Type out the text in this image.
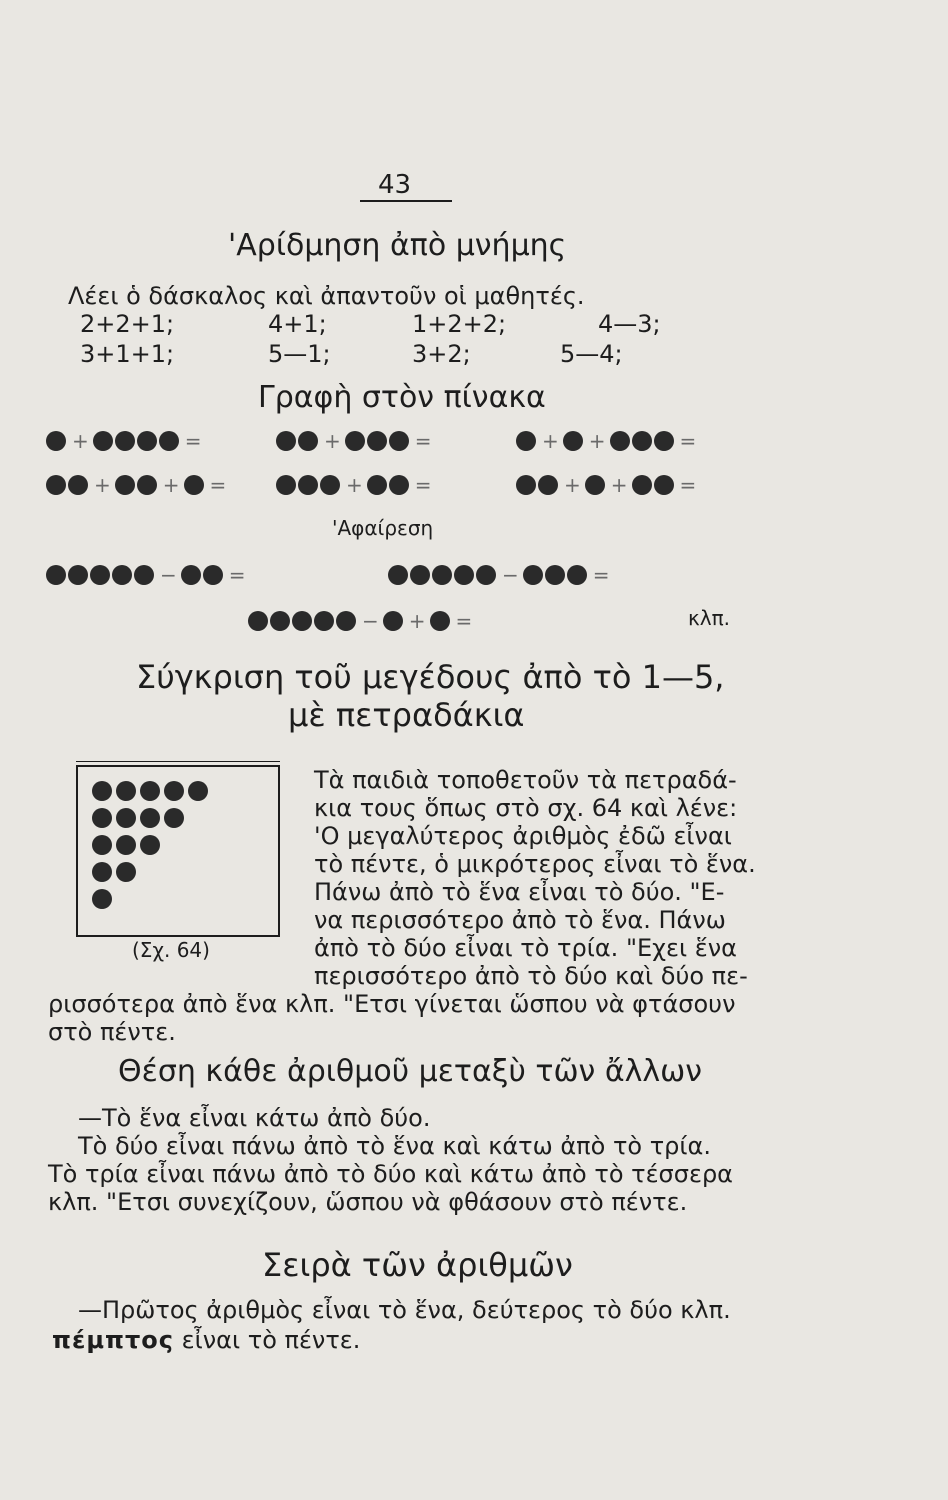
43
'Αρίδμηση ἀπὸ μνήμης
Λέει ὁ δάσκαλος καὶ ἀπαντοῦν οἱ μαθητές.
2+2+1;	4+1;	1+2+2;	4—3;
3+1+1;	5—1;	3+2;	5—4;
Γραφὴ στὸν πίνακα
+	=	+	=	+ +	=
+	+ =	+	=	+ +	=
−	=	−	=
− + =
'Αφαίρεση
κλπ.
Σύγκριση τοῦ μεγέδους ἀπὸ τὸ 1—5,
μὲ πετραδάκια
(Σχ. 64)
Τὰ παιδιὰ τοποθετοῦν τὰ πετραδά-
κια τους ὅπως στὸ σχ. 64 καὶ λένε:
'Ο μεγαλύτερος ἀριθμὸς ἐδῶ εἶναι
τὸ πέντε, ὁ μικρότερος εἶναι τὸ ἕνα.
Πάνω ἀπὸ τὸ ἕνα εἶναι τὸ δύο. "Ε-
να περισσότερο ἀπὸ τὸ ἕνα. Πάνω
ἀπὸ τὸ δύο εἶναι τὸ τρία. "Εχει ἕνα
περισσότερο ἀπὸ τὸ δύο καὶ δύο πε-
ρισσότερα ἀπὸ ἕνα κλπ. "Ετσι γίνεται ὥσπου νὰ φτάσουν
στὸ πέντε.
Θέση κάθε ἀριθμοῦ μεταξὺ τῶν ἄλλων
—Τὸ ἕνα εἶναι κάτω ἀπὸ δύο.
Τὸ δύο εἶναι πάνω ἀπὸ τὸ ἕνα καὶ κάτω ἀπὸ τὸ τρία.
Τὸ τρία εἶναι πάνω ἀπὸ τὸ δύο καὶ κάτω ἀπὸ τὸ τέσσερα
κλπ. "Ετσι συνεχίζουν, ὥσπου νὰ φθάσουν στὸ πέντε.
Σειρὰ τῶν ἀριθμῶν
—Πρῶτος ἀριθμὸς εἶναι τὸ ἕνα, δεύτερος τὸ δύο κλπ.
πέμπτος εἶναι τὸ πέντε.
